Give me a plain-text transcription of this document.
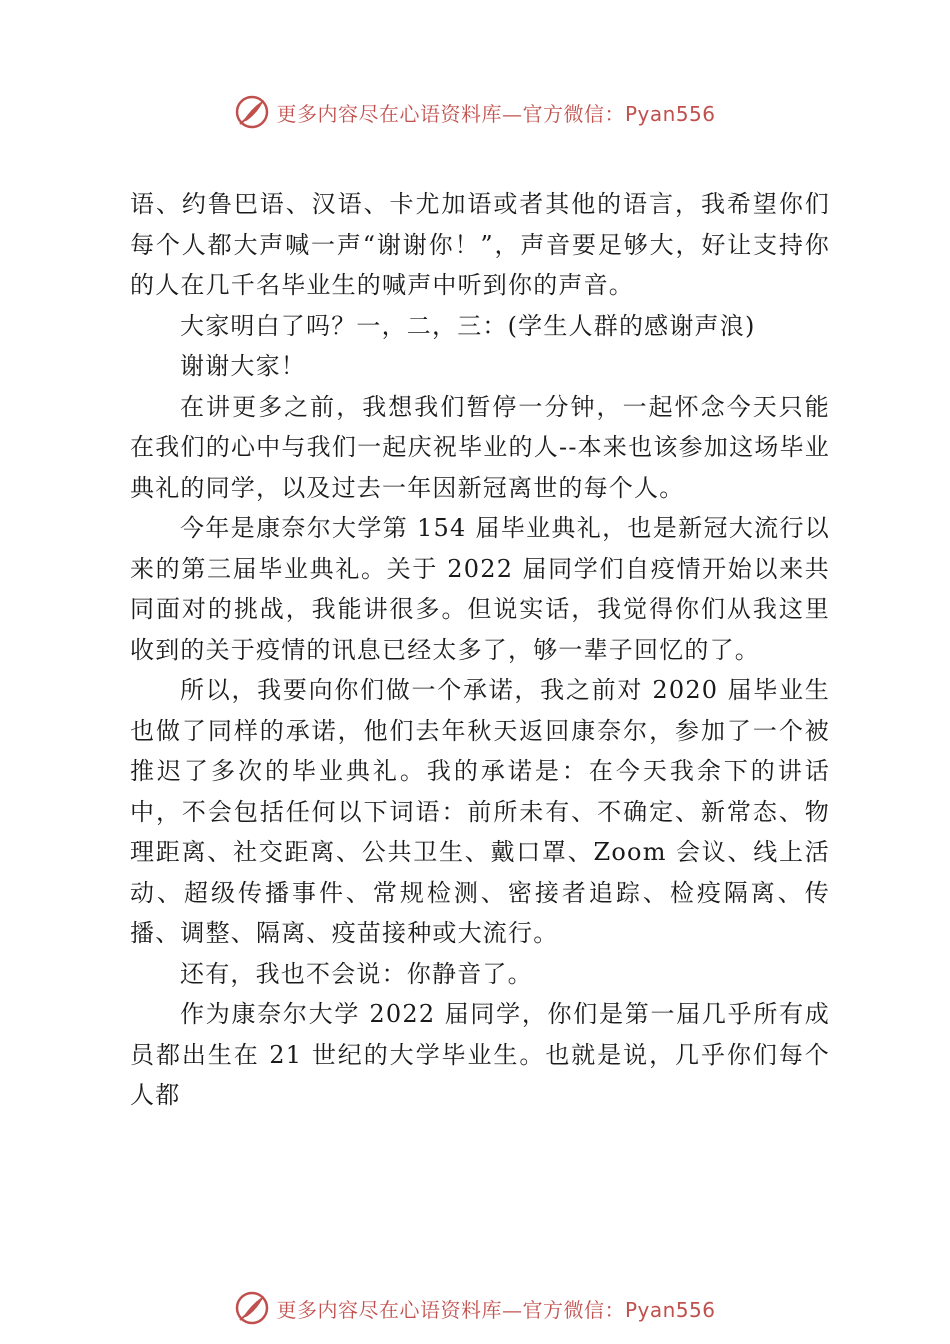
更多内容尽在心语资料库—官方微信：Pyan556

语、约鲁巴语、汉语、卡尤加语或者其他的语言，我希望你们每个人都大声喊一声“谢谢你！”，声音要足够大，好让支持你的人在几千名毕业生的喊声中听到你的声音。

大家明白了吗？一，二，三：(学生人群的感谢声浪)

谢谢大家！

在讲更多之前，我想我们暂停一分钟，一起怀念今天只能在我们的心中与我们一起庆祝毕业的人--本来也该参加这场毕业典礼的同学，以及过去一年因新冠离世的每个人。

今年是康奈尔大学第 154 届毕业典礼，也是新冠大流行以来的第三届毕业典礼。关于 2022 届同学们自疫情开始以来共同面对的挑战，我能讲很多。但说实话，我觉得你们从我这里收到的关于疫情的讯息已经太多了，够一辈子回忆的了。

所以，我要向你们做一个承诺，我之前对 2020 届毕业生也做了同样的承诺，他们去年秋天返回康奈尔，参加了一个被推迟了多次的毕业典礼。我的承诺是：在今天我余下的讲话中，不会包括任何以下词语：前所未有、不确定、新常态、物理距离、社交距离、公共卫生、戴口罩、Zoom 会议、线上活动、超级传播事件、常规检测、密接者追踪、检疫隔离、传播、调整、隔离、疫苗接种或大流行。

还有，我也不会说：你静音了。

作为康奈尔大学 2022 届同学，你们是第一届几乎所有成员都出生在 21 世纪的大学毕业生。也就是说，几乎你们每个人都

更多内容尽在心语资料库—官方微信：Pyan556
